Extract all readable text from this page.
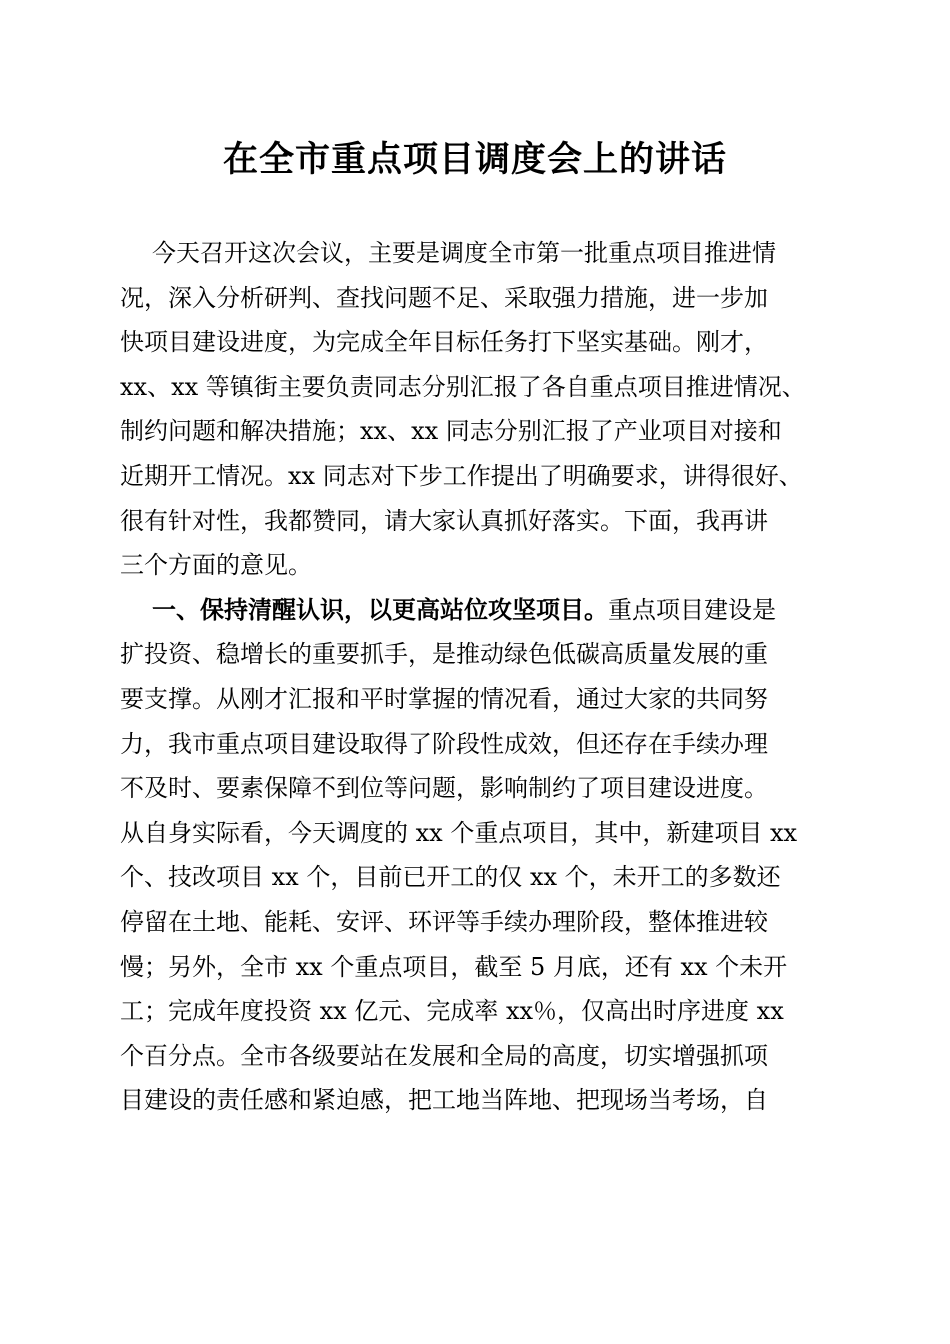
在全市重点项目调度会上的讲话
今天召开这次会议，主要是调度全市第一批重点项目推进情
况，深入分析研判、查找问题不足、采取强力措施，进一步加
快项目建设进度，为完成全年目标任务打下坚实基础。刚才，
xx、xx 等镇街主要负责同志分别汇报了各自重点项目推进情况、
制约问题和解决措施；xx、xx 同志分别汇报了产业项目对接和
近期开工情况。xx 同志对下步工作提出了明确要求，讲得很好、
很有针对性，我都赞同，请大家认真抓好落实。下面，我再讲
三个方面的意见。
一、保持清醒认识，以更高站位攻坚项目。重点项目建设是
扩投资、稳增长的重要抓手，是推动绿色低碳高质量发展的重
要支撑。从刚才汇报和平时掌握的情况看，通过大家的共同努
力，我市重点项目建设取得了阶段性成效，但还存在手续办理
不及时、要素保障不到位等问题，影响制约了项目建设进度。
从自身实际看，今天调度的 xx 个重点项目，其中，新建项目 xx
个、技改项目 xx 个，目前已开工的仅 xx 个，未开工的多数还
停留在土地、能耗、安评、环评等手续办理阶段，整体推进较
慢；另外，全市 xx 个重点项目，截至 5 月底，还有 xx 个未开
工；完成年度投资 xx 亿元、完成率 xx％，仅高出时序进度 xx
个百分点。全市各级要站在发展和全局的高度，切实增强抓项
目建设的责任感和紧迫感，把工地当阵地、把现场当考场，自
